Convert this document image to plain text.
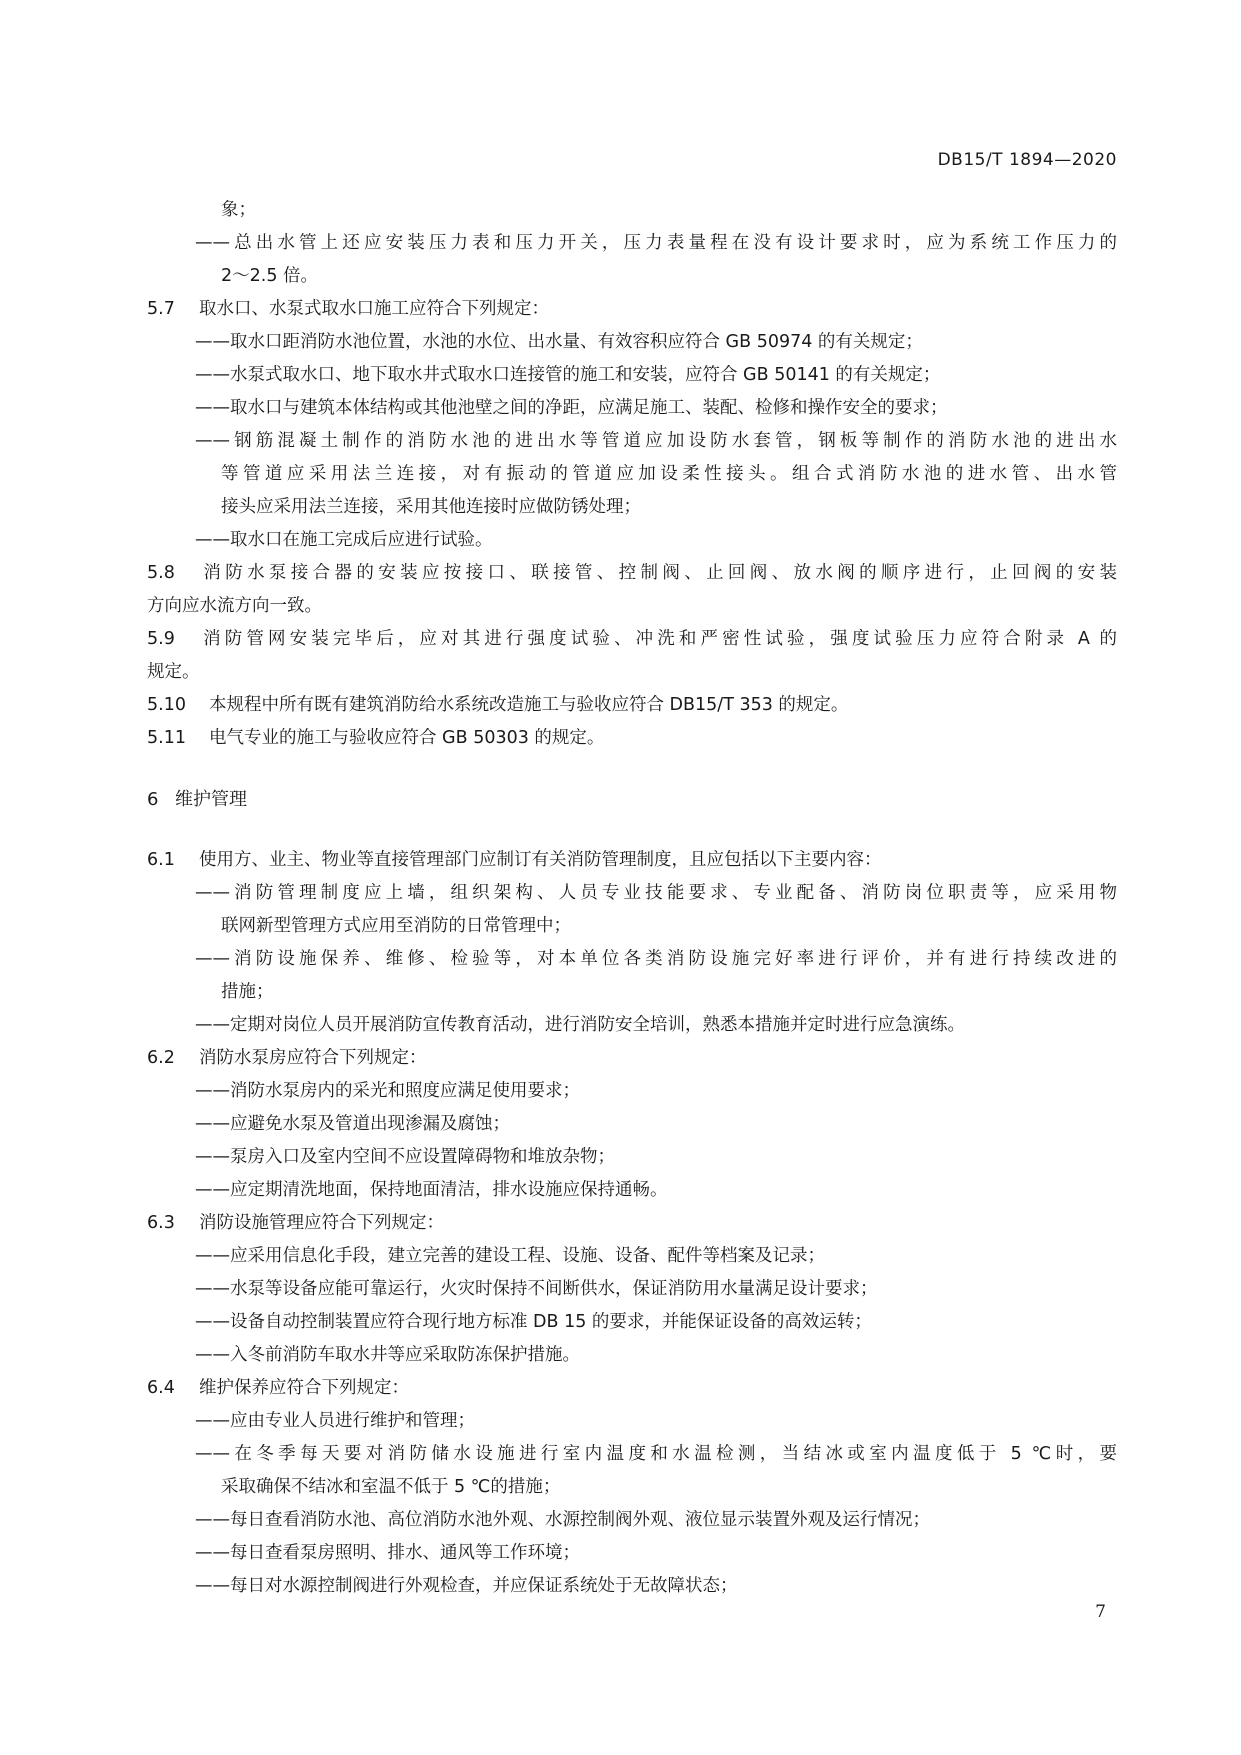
DB15/T 1894—2020
象；
——总出水管上还应安装压力表和压力开关，压力表量程在没有设计要求时，应为系统工作压力的
2～2.5 倍。
5.7 取水口、水泵式取水口施工应符合下列规定：
——取水口距消防水池位置，水池的水位、出水量、有效容积应符合 GB 50974 的有关规定；
——水泵式取水口、地下取水井式取水口连接管的施工和安装，应符合 GB 50141 的有关规定；
——取水口与建筑本体结构或其他池壁之间的净距，应满足施工、装配、检修和操作安全的要求；
——钢筋混凝土制作的消防水池的进出水等管道应加设防水套管，钢板等制作的消防水池的进出水
等管道应采用法兰连接，对有振动的管道应加设柔性接头。组合式消防水池的进水管、出水管
接头应采用法兰连接，采用其他连接时应做防锈处理；
——取水口在施工完成后应进行试验。
5.8 消防水泵接合器的安装应按接口、联接管、控制阀、止回阀、放水阀的顺序进行，止回阀的安装
方向应水流方向一致。
5.9 消防管网安装完毕后，应对其进行强度试验、冲洗和严密性试验，强度试验压力应符合附录 A 的
规定。
5.10 本规程中所有既有建筑消防给水系统改造施工与验收应符合 DB15/T 353 的规定。
5.11 电气专业的施工与验收应符合 GB 50303 的规定。
6 维护管理
6.1 使用方、业主、物业等直接管理部门应制订有关消防管理制度，且应包括以下主要内容：
——消防管理制度应上墙，组织架构、人员专业技能要求、专业配备、消防岗位职责等，应采用物
联网新型管理方式应用至消防的日常管理中；
——消防设施保养、维修、检验等，对本单位各类消防设施完好率进行评价，并有进行持续改进的
措施；
——定期对岗位人员开展消防宣传教育活动，进行消防安全培训，熟悉本措施并定时进行应急演练。
6.2 消防水泵房应符合下列规定：
——消防水泵房内的采光和照度应满足使用要求；
——应避免水泵及管道出现渗漏及腐蚀；
——泵房入口及室内空间不应设置障碍物和堆放杂物；
——应定期清洗地面，保持地面清洁，排水设施应保持通畅。
6.3 消防设施管理应符合下列规定：
——应采用信息化手段，建立完善的建设工程、设施、设备、配件等档案及记录；
——水泵等设备应能可靠运行，火灾时保持不间断供水，保证消防用水量满足设计要求；
——设备自动控制装置应符合现行地方标准 DB 15 的要求，并能保证设备的高效运转；
——入冬前消防车取水井等应采取防冻保护措施。
6.4 维护保养应符合下列规定：
——应由专业人员进行维护和管理；
——在冬季每天要对消防储水设施进行室内温度和水温检测，当结冰或室内温度低于 5 ℃时，要
采取确保不结冰和室温不低于 5 ℃的措施；
——每日查看消防水池、高位消防水池外观、水源控制阀外观、液位显示装置外观及运行情况；
——每日查看泵房照明、排水、通风等工作环境；
——每日对水源控制阀进行外观检查，并应保证系统处于无故障状态；
7
